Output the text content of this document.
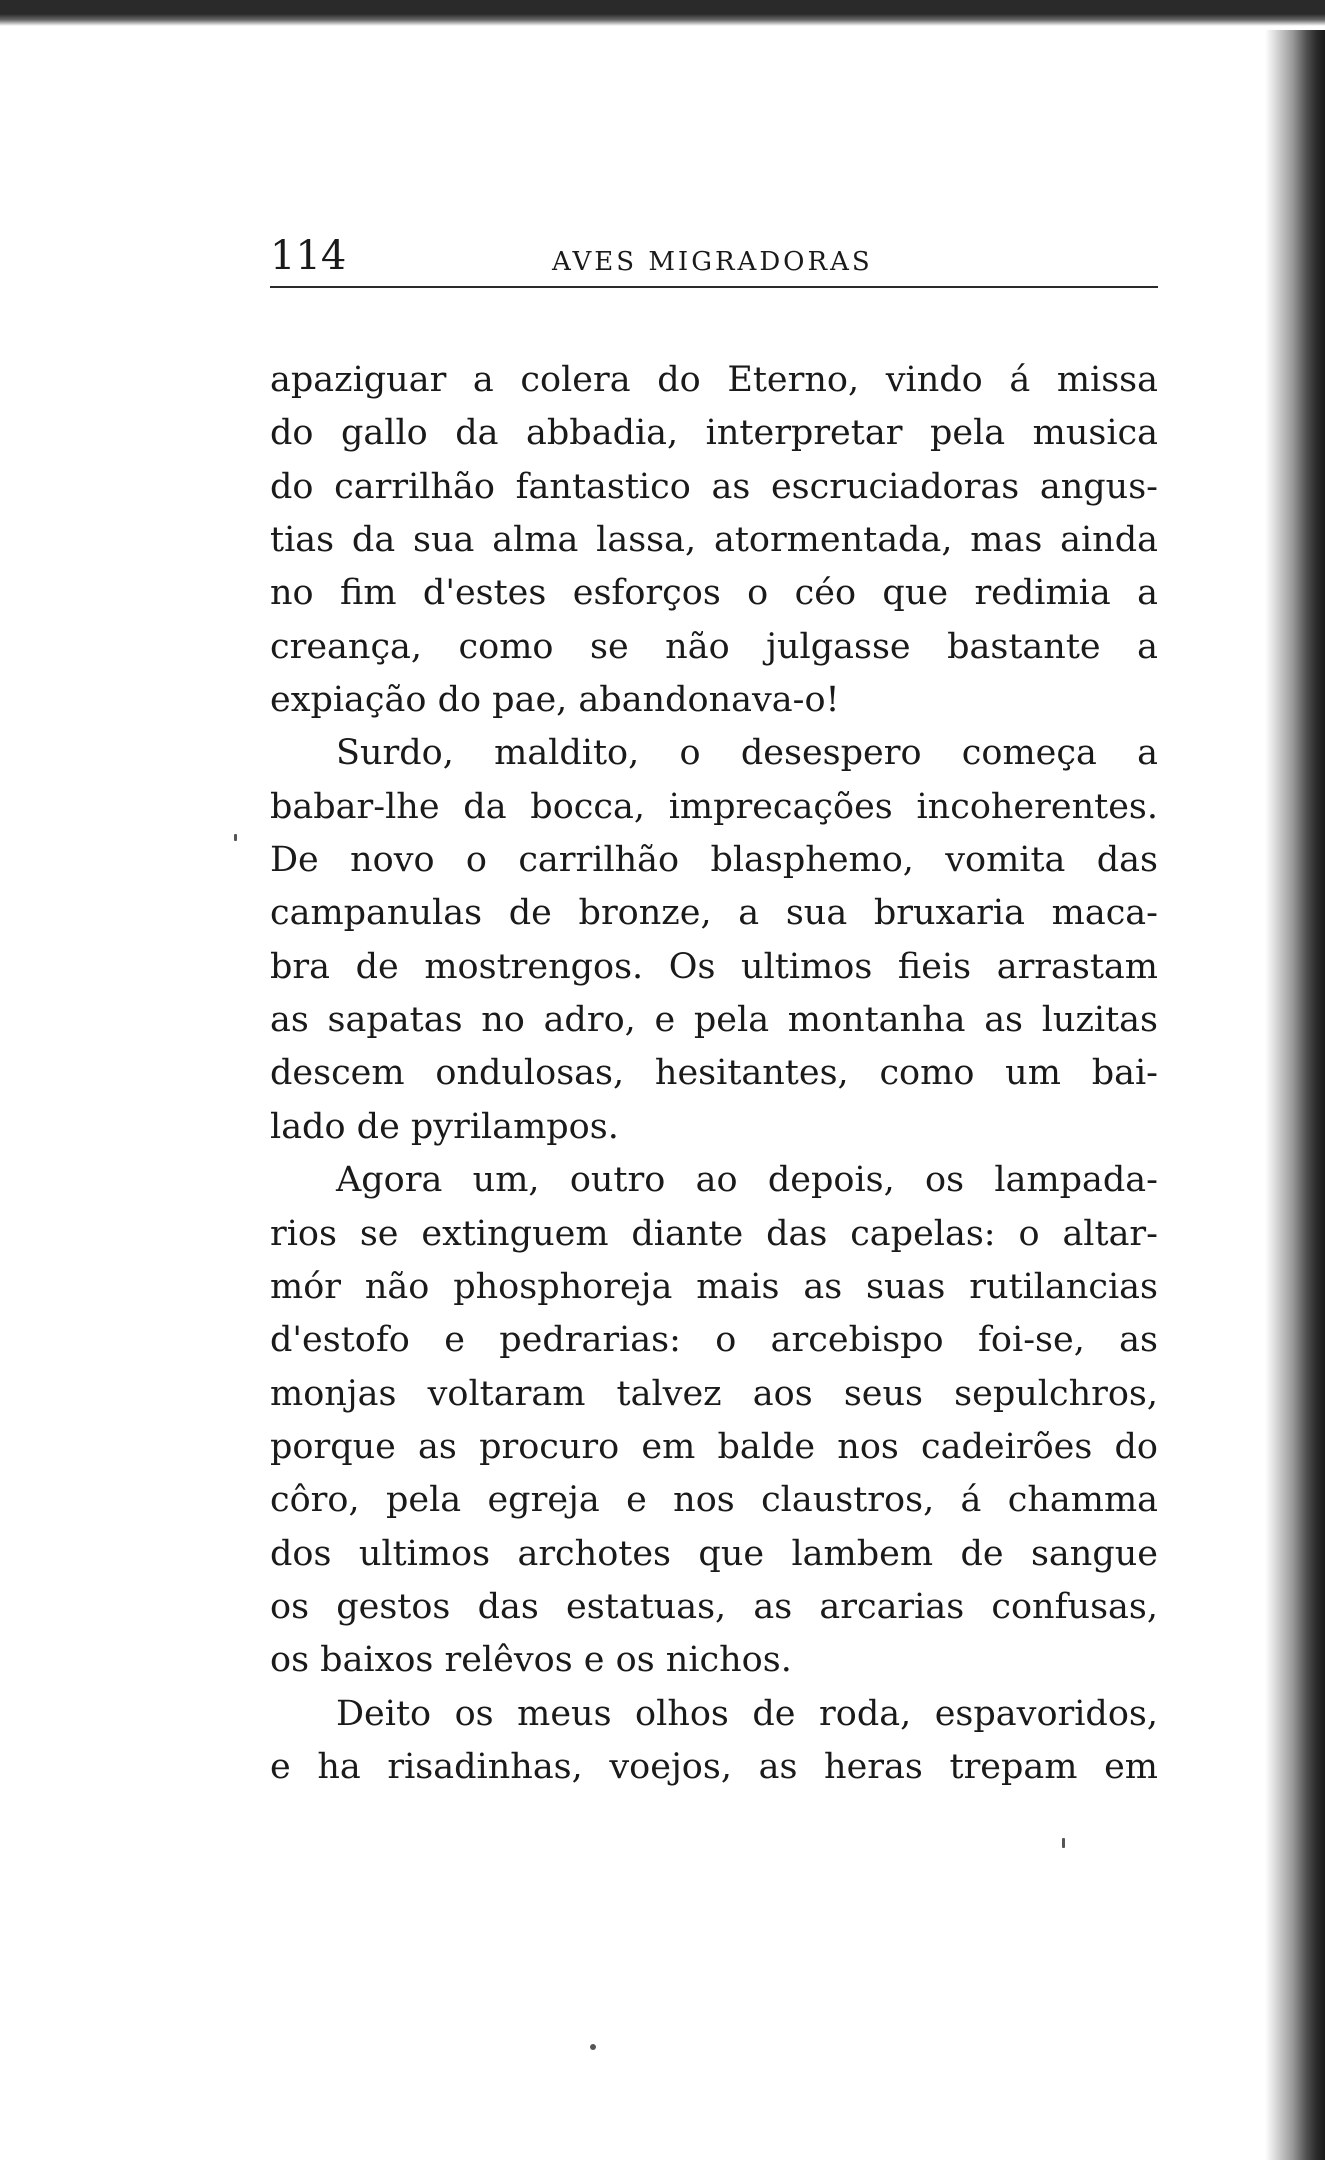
114	AVES MIGRADORAS
apaziguar a colera do Eterno, vindo á missa
do gallo da abbadia, interpretar pela musica
do carrilhão fantastico as escruciadoras angus-
tias da sua alma lassa, atormentada, mas ainda
no fim d'estes esforços o céo que redimia a
creança, como se não julgasse bastante a
expiação do pae, abandonava-o!
Surdo, maldito, o desespero começa a
babar-lhe da bocca, imprecações incoherentes.
De novo o carrilhão blasphemo, vomita das
campanulas de bronze, a sua bruxaria maca-
bra de mostrengos. Os ultimos fieis arrastam
as sapatas no adro, e pela montanha as luzitas
descem ondulosas, hesitantes, como um bai-
lado de pyrilampos.
Agora um, outro ao depois, os lampada-
rios se extinguem diante das capelas: o altar-
mór não phosphoreja mais as suas rutilancias
d'estofo e pedrarias: o arcebispo foi-se, as
monjas voltaram talvez aos seus sepulchros,
porque as procuro em balde nos cadeirões do
côro, pela egreja e nos claustros, á chamma
dos ultimos archotes que lambem de sangue
os gestos das estatuas, as arcarias confusas,
os baixos relêvos e os nichos.
Deito os meus olhos de roda, espavoridos,
e ha risadinhas, voejos, as heras trepam em
